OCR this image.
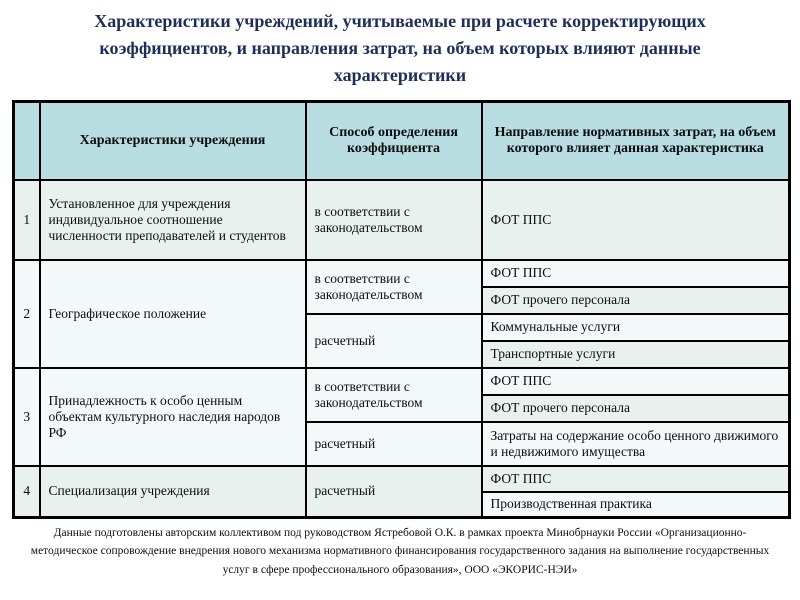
Характеристики учреждений, учитываемые при расчете корректирующих коэффициентов, и направления затрат, на объем которых влияют данные характеристики
	Характеристики учреждения	Способ определения коэффициента	Направление нормативных затрат, на объем которого влияет данная характеристика
1	Установленное для учреждения индивидуальное соотношение численности преподавателей и студентов	в соответствии с законодательством	ФОТ ППС
2	Географическое положение	в соответствии с законодательством	ФОТ ППС
			ФОТ прочего персонала
		расчетный	Коммунальные услуги
			Транспортные услуги
3	Принадлежность к особо ценным объектам культурного наследия народов РФ	в соответствии с законодательством	ФОТ ППС
			ФОТ прочего персонала
		расчетный	Затраты на содержание особо ценного движимого и недвижимого имущества
4	Специализация учреждения	расчетный	ФОТ ППС
			Производственная практика
Данные подготовлены авторским коллективом под руководством Ястребовой О.К. в рамках проекта Минобрнауки России «Организационно-методическое сопровождение внедрения нового механизма нормативного финансирования государственного задания на выполнение государственных услуг в сфере профессионального образования», ООО «ЭКОРИС-НЭИ»
